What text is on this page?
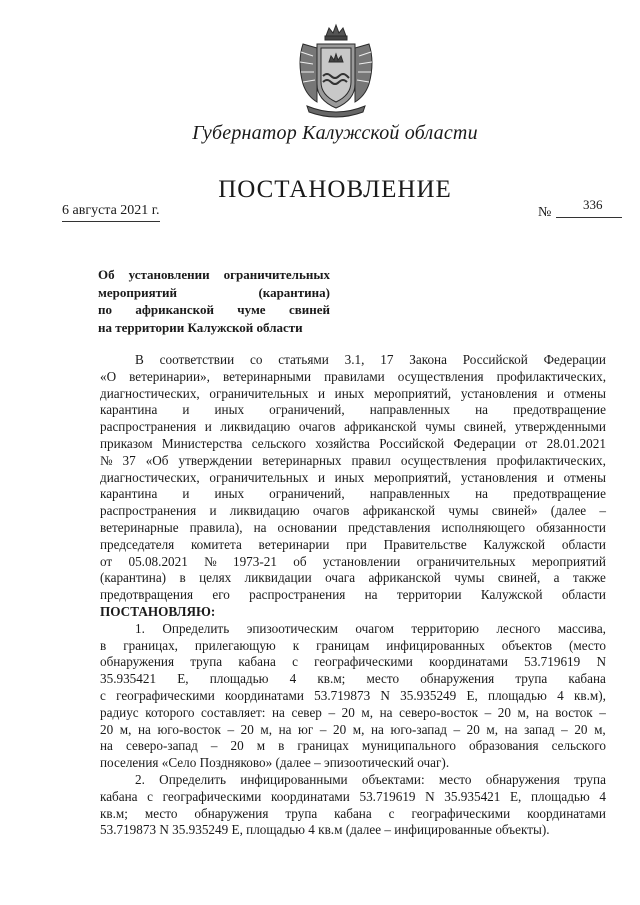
Губернатор Калужской области
ПОСТАНОВЛЕНИЕ
6 августа 2021 г.	№
336
Об установлении ограничительных
мероприятий	(карантина)
по африканской чуме свиней
на территории Калужской области
В соответствии со статьями 3.1, 17 Закона Российской Федерации
«О ветеринарии», ветеринарными правилами осуществления профилактических,
диагностических, ограничительных и иных мероприятий, установления и отмены
карантина и иных ограничений, направленных на предотвращение
распространения и ликвидацию очагов африканской чумы свиней, утвержденными
приказом Министерства сельского хозяйства Российской Федерации от 28.01.2021
№ 37 «Об утверждении ветеринарных правил осуществления профилактических,
диагностических, ограничительных и иных мероприятий, установления и отмены
карантина и иных ограничений, направленных на предотвращение
распространения и ликвидацию очагов африканской чумы свиней» (далее –
ветеринарные правила), на основании представления исполняющего обязанности
председателя комитета ветеринарии при Правительстве Калужской области
от 05.08.2021 № 1973-21 об установлении ограничительных мероприятий
(карантина) в целях ликвидации очага африканской чумы свиней, а также
предотвращения его распространения на территории Калужской области
ПОСТАНОВЛЯЮ:
1. Определить эпизоотическим очагом территорию лесного массива,
в границах, прилегающую к границам инфицированных объектов (место
обнаружения трупа кабана с географическими координатами 53.719619 N
35.935421 E, площадью 4 кв.м; место обнаружения трупа кабана
с географическими координатами 53.719873 N 35.935249 E, площадью 4 кв.м),
радиус которого составляет: на север – 20 м, на северо-восток – 20 м, на восток –
20 м, на юго-восток – 20 м, на юг – 20 м, на юго-запад – 20 м, на запад – 20 м,
на северо-запад – 20 м в границах муниципального образования сельского
поселения «Село Поздняково» (далее – эпизоотический очаг).
2. Определить инфицированными объектами: место обнаружения трупа
кабана с географическими координатами 53.719619 N 35.935421 E, площадью 4
кв.м; место обнаружения трупа кабана с географическими координатами
53.719873 N 35.935249 E, площадью 4 кв.м (далее – инфицированные объекты).
